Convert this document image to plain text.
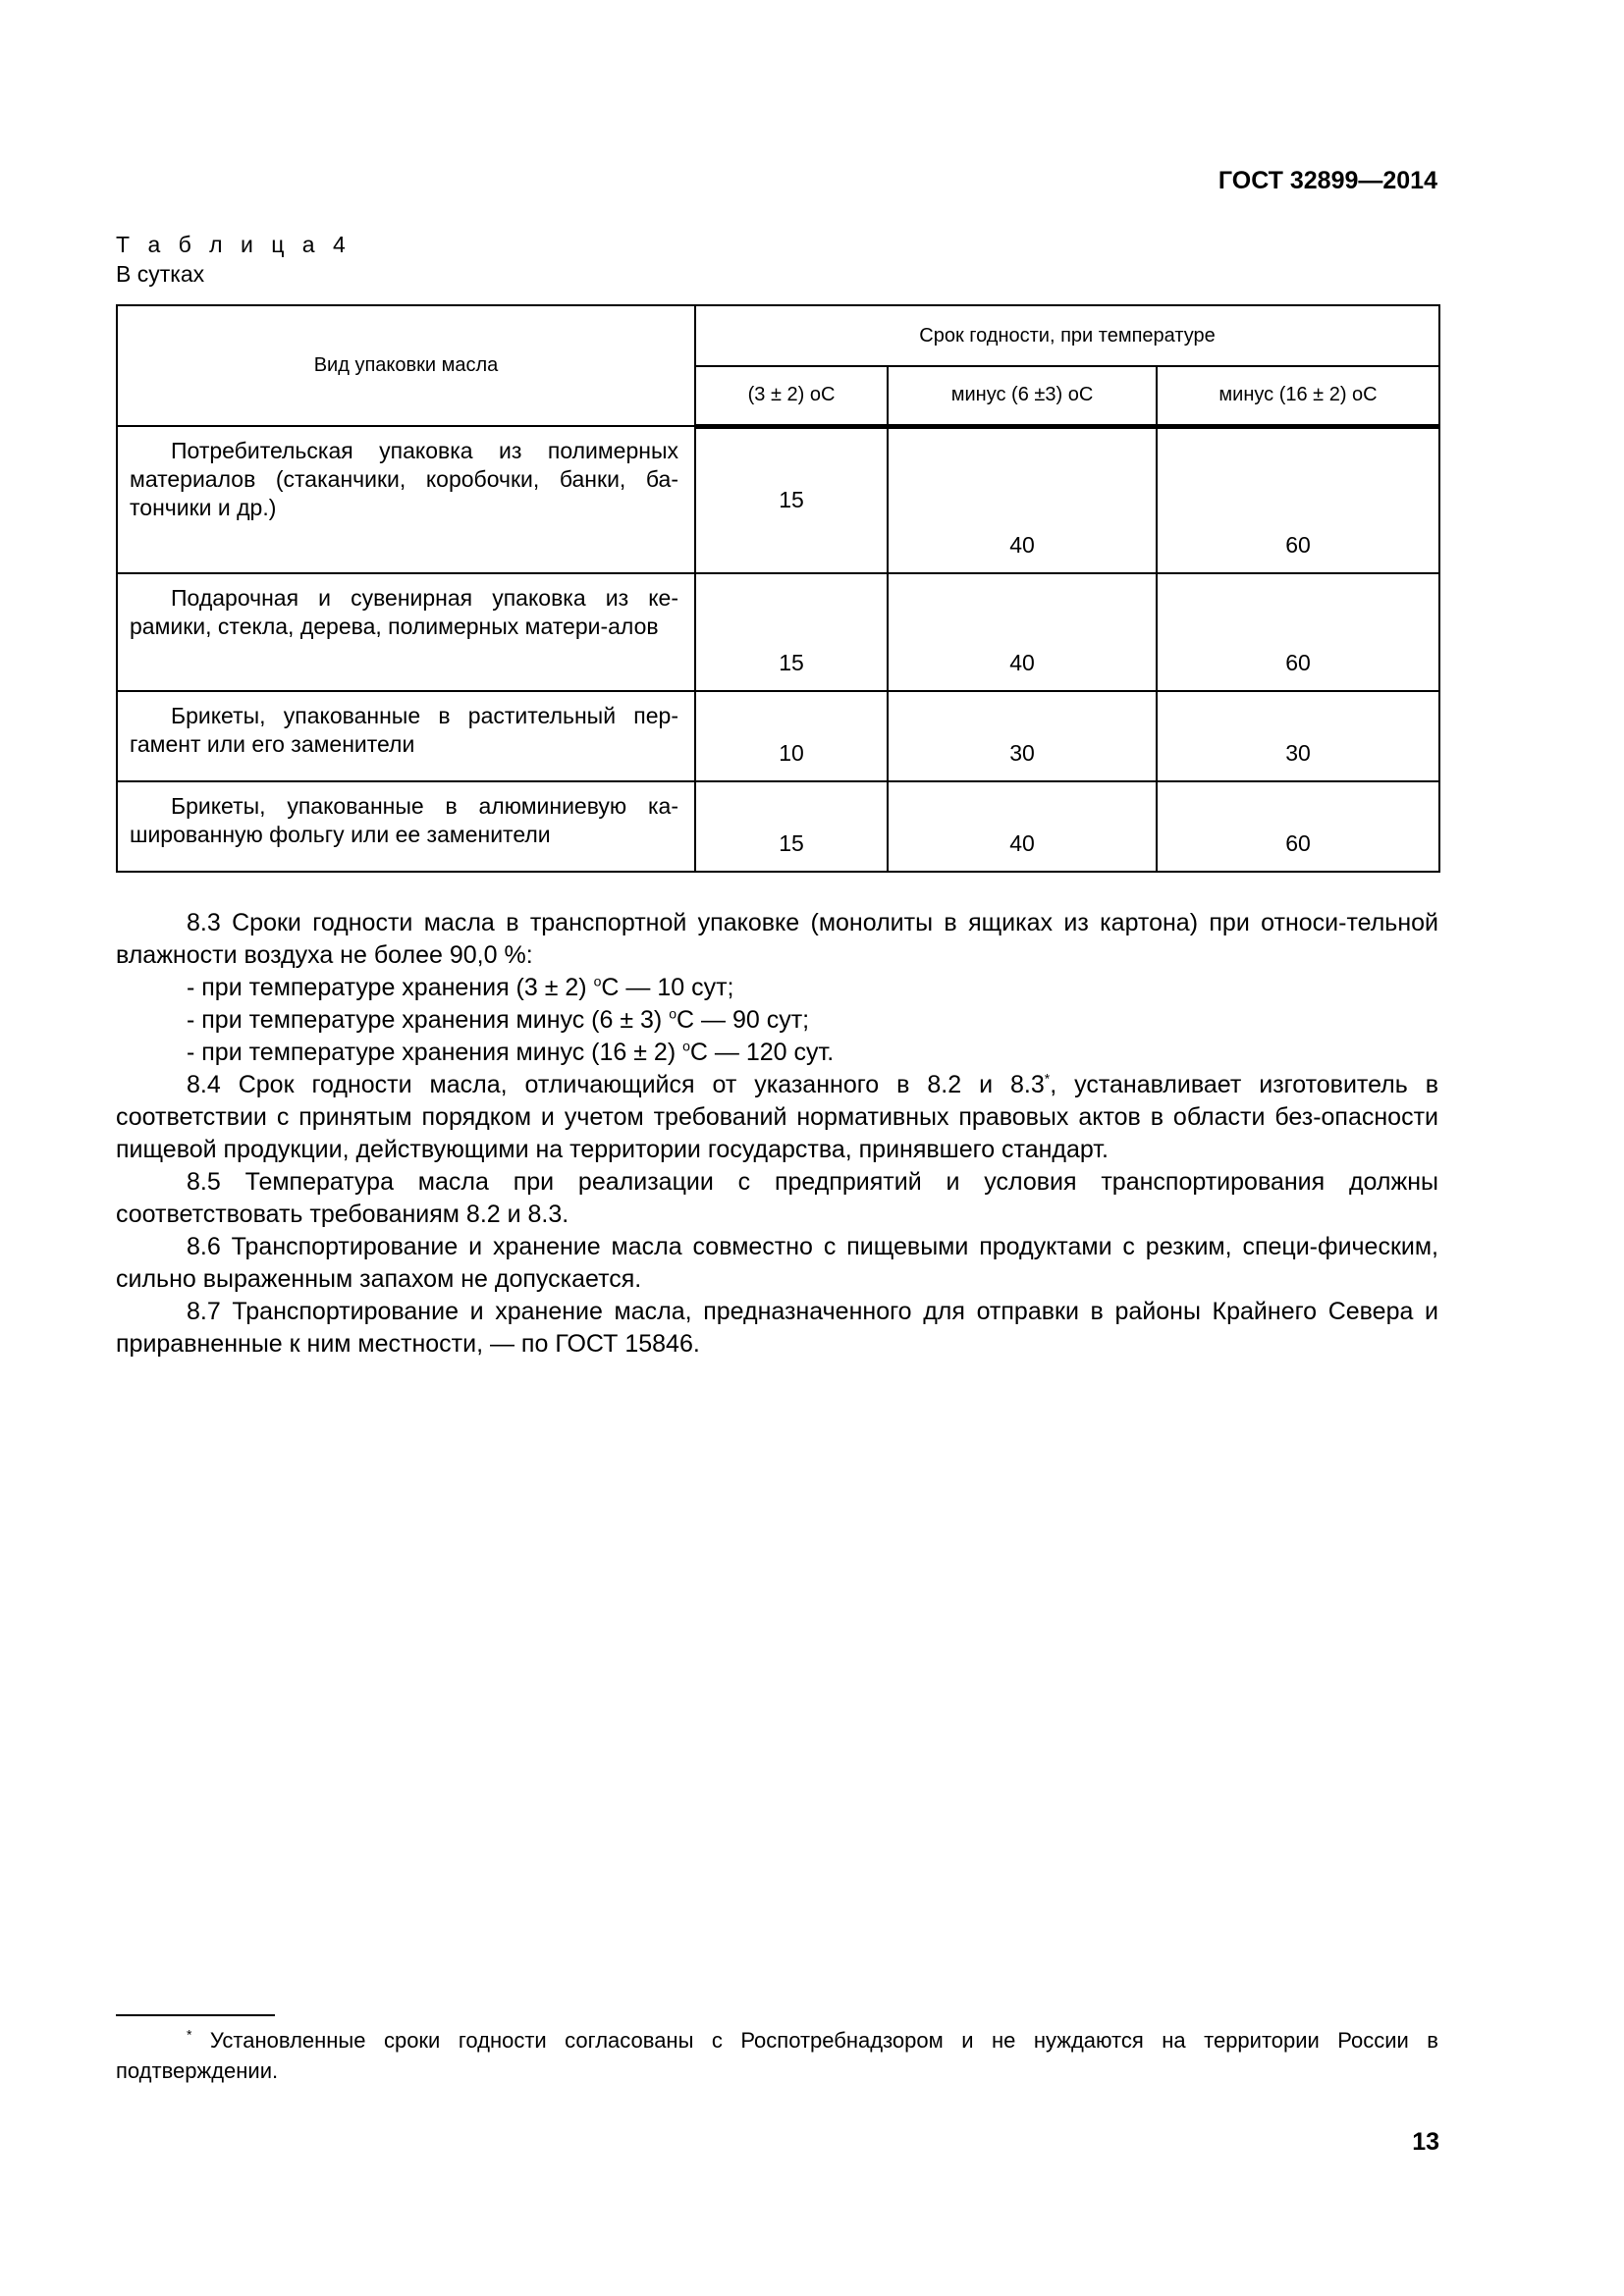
ГОСТ 32899—2014
Т а б л и ц а 4
В сутках
Вид упаковки масла	Срок годности, при температуре		
	(3 ± 2) оС	минус (6 ±3) оС	минус (16 ± 2) оС
Потребительская упаковка из полимерных материалов (стаканчики, коробочки, банки, ба-тончики и др.)	15	40	60
Подарочная и сувенирная упаковка из ке-рамики, стекла, дерева, полимерных матери-алов	15	40	60
Брикеты, упакованные в растительный пер-гамент или его заменители	10	30	30
Брикеты, упакованные в алюминиевую ка-шированную фольгу или ее заменители	15	40	60

8.3 Сроки годности масла в транспортной упаковке (монолиты в ящиках из картона) при относи-тельной влажности воздуха не более 90,0 %:

- при температуре хранения (3 ± 2) $^o$С — 10 сут;

- при температуре хранения минус (6 ± 3) $^o$С — 90 сут;

- при температуре хранения минус (16 ± 2) $^o$С — 120 сут.

8.4 Срок годности масла, отличающийся от указанного в 8.2 и 8.3*, устанавливает изготовитель в соответствии с принятым порядком и учетом требований нормативных правовых актов в области без-опасности пищевой продукции, действующими на территории государства, принявшего стандарт.

8.5 Температура масла при реализации с предприятий и условия транспортирования должны соответствовать требованиям 8.2 и 8.3.

8.6 Транспортирование и хранение масла совместно с пищевыми продуктами с резким, специ-фическим, сильно выраженным запахом не допускается.

8.7 Транспортирование и хранение масла, предназначенного для отправки в районы Крайнего Севера и приравненные к ним местности, — по ГОСТ 15846.

* Установленные сроки годности согласованы с Роспотребнадзором и не нуждаются на территории России в подтверждении.
13
